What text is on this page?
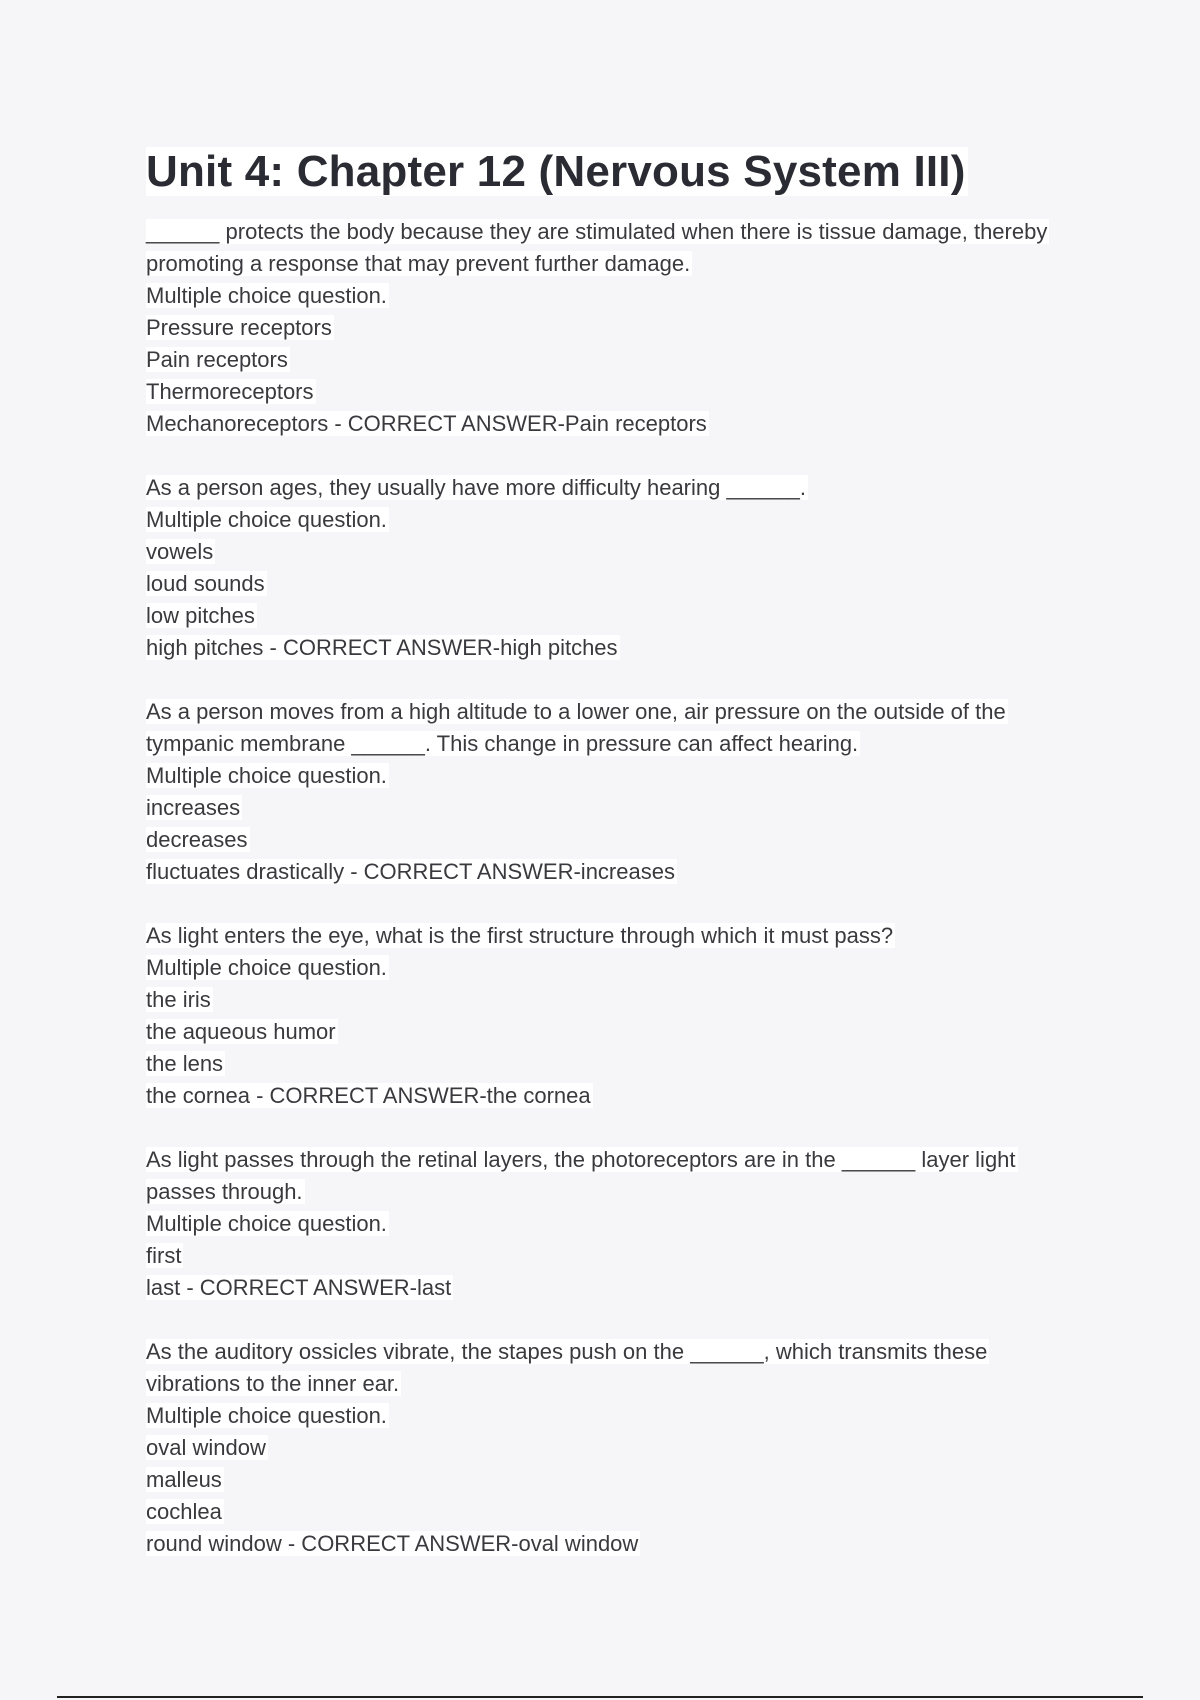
Unit 4: Chapter 12 (Nervous System III)

______ protects the body because they are stimulated when there is tissue damage, thereby promoting a response that may prevent further damage.

Multiple choice question.

Pressure receptors

Pain receptors

Thermoreceptors

Mechanoreceptors - CORRECT ANSWER-Pain receptors

As a person ages, they usually have more difficulty hearing ______.

Multiple choice question.

vowels

loud sounds

low pitches

high pitches - CORRECT ANSWER-high pitches

As a person moves from a high altitude to a lower one, air pressure on the outside of the tympanic membrane ______. This change in pressure can affect hearing.

Multiple choice question.

increases

decreases

fluctuates drastically - CORRECT ANSWER-increases

As light enters the eye, what is the first structure through which it must pass?

Multiple choice question.

the iris

the aqueous humor

the lens

the cornea - CORRECT ANSWER-the cornea

As light passes through the retinal layers, the photoreceptors are in the ______ layer light passes through.

Multiple choice question.

first

last - CORRECT ANSWER-last

As the auditory ossicles vibrate, the stapes push on the ______, which transmits these vibrations to the inner ear.

Multiple choice question.

oval window

malleus

cochlea

round window - CORRECT ANSWER-oval window
